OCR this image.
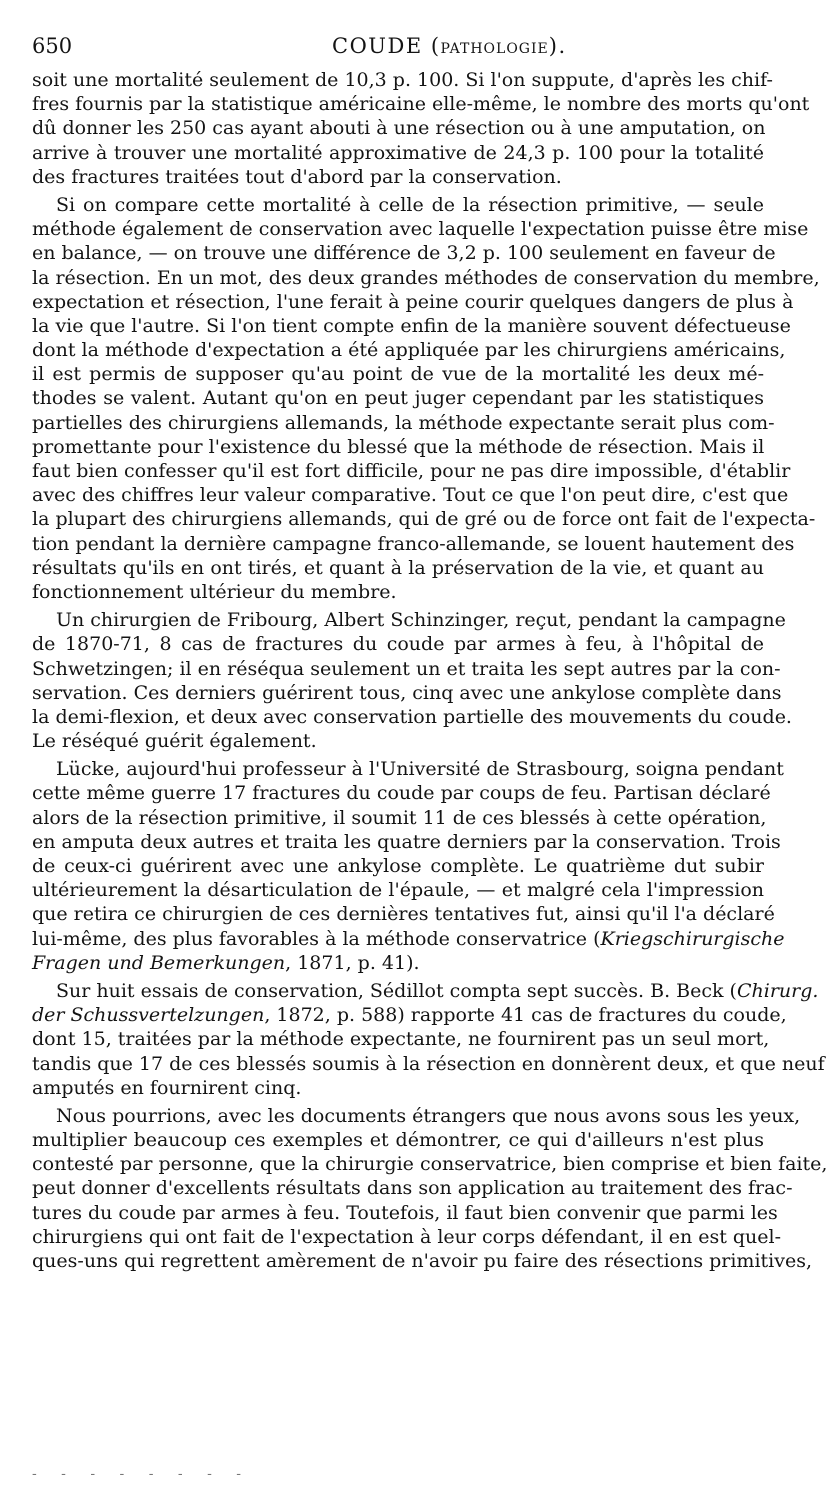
650	COUDE (PATHOLOGIE).
soit une mortalité seulement de 10,3 p. 100. Si l'on suppute, d'après les chif-
fres fournis par la statistique américaine elle-même, le nombre des morts qu'ont
dû donner les 250 cas ayant abouti à une résection ou à une amputation, on
arrive à trouver une mortalité approximative de 24,3 p. 100 pour la totalité
des fractures traitées tout d'abord par la conservation.
Si on compare cette mortalité à celle de la résection primitive, — seule
méthode également de conservation avec laquelle l'expectation puisse être mise
en balance, — on trouve une différence de 3,2 p. 100 seulement en faveur de
la résection. En un mot, des deux grandes méthodes de conservation du membre,
expectation et résection, l'une ferait à peine courir quelques dangers de plus à
la vie que l'autre. Si l'on tient compte enfin de la manière souvent défectueuse
dont la méthode d'expectation a été appliquée par les chirurgiens américains,
il est permis de supposer qu'au point de vue de la mortalité les deux mé-
thodes se valent. Autant qu'on en peut juger cependant par les statistiques
partielles des chirurgiens allemands, la méthode expectante serait plus com-
promettante pour l'existence du blessé que la méthode de résection. Mais il
faut bien confesser qu'il est fort difficile, pour ne pas dire impossible, d'établir
avec des chiffres leur valeur comparative. Tout ce que l'on peut dire, c'est que
la plupart des chirurgiens allemands, qui de gré ou de force ont fait de l'expecta-
tion pendant la dernière campagne franco-allemande, se louent hautement des
résultats qu'ils en ont tirés, et quant à la préservation de la vie, et quant au
fonctionnement ultérieur du membre.
Un chirurgien de Fribourg, Albert Schinzinger, reçut, pendant la campagne
de 1870-71, 8 cas de fractures du coude par armes à feu, à l'hôpital de
Schwetzingen; il en réséqua seulement un et traita les sept autres par la con-
servation. Ces derniers guérirent tous, cinq avec une ankylose complète dans
la demi-flexion, et deux avec conservation partielle des mouvements du coude.
Le réséqué guérit également.
Lücke, aujourd'hui professeur à l'Université de Strasbourg, soigna pendant
cette même guerre 17 fractures du coude par coups de feu. Partisan déclaré
alors de la résection primitive, il soumit 11 de ces blessés à cette opération,
en amputa deux autres et traita les quatre derniers par la conservation. Trois
de ceux-ci guérirent avec une ankylose complète. Le quatrième dut subir
ultérieurement la désarticulation de l'épaule, — et malgré cela l'impression
que retira ce chirurgien de ces dernières tentatives fut, ainsi qu'il l'a déclaré
lui-même, des plus favorables à la méthode conservatrice (Kriegschirurgische
Fragen und Bemerkungen, 1871, p. 41).
Sur huit essais de conservation, Sédillot compta sept succès. B. Beck (Chirurg.
der Schussvertelzungen, 1872, p. 588) rapporte 41 cas de fractures du coude,
dont 15, traitées par la méthode expectante, ne fournirent pas un seul mort,
tandis que 17 de ces blessés soumis à la résection en donnèrent deux, et que neuf
amputés en fournirent cinq.
Nous pourrions, avec les documents étrangers que nous avons sous les yeux,
multiplier beaucoup ces exemples et démontrer, ce qui d'ailleurs n'est plus
contesté par personne, que la chirurgie conservatrice, bien comprise et bien faite,
peut donner d'excellents résultats dans son application au traitement des frac-
tures du coude par armes à feu. Toutefois, il faut bien convenir que parmi les
chirurgiens qui ont fait de l'expectation à leur corps défendant, il en est quel-
ques-uns qui regrettent amèrement de n'avoir pu faire des résections primitives,
- - - - - - - -
